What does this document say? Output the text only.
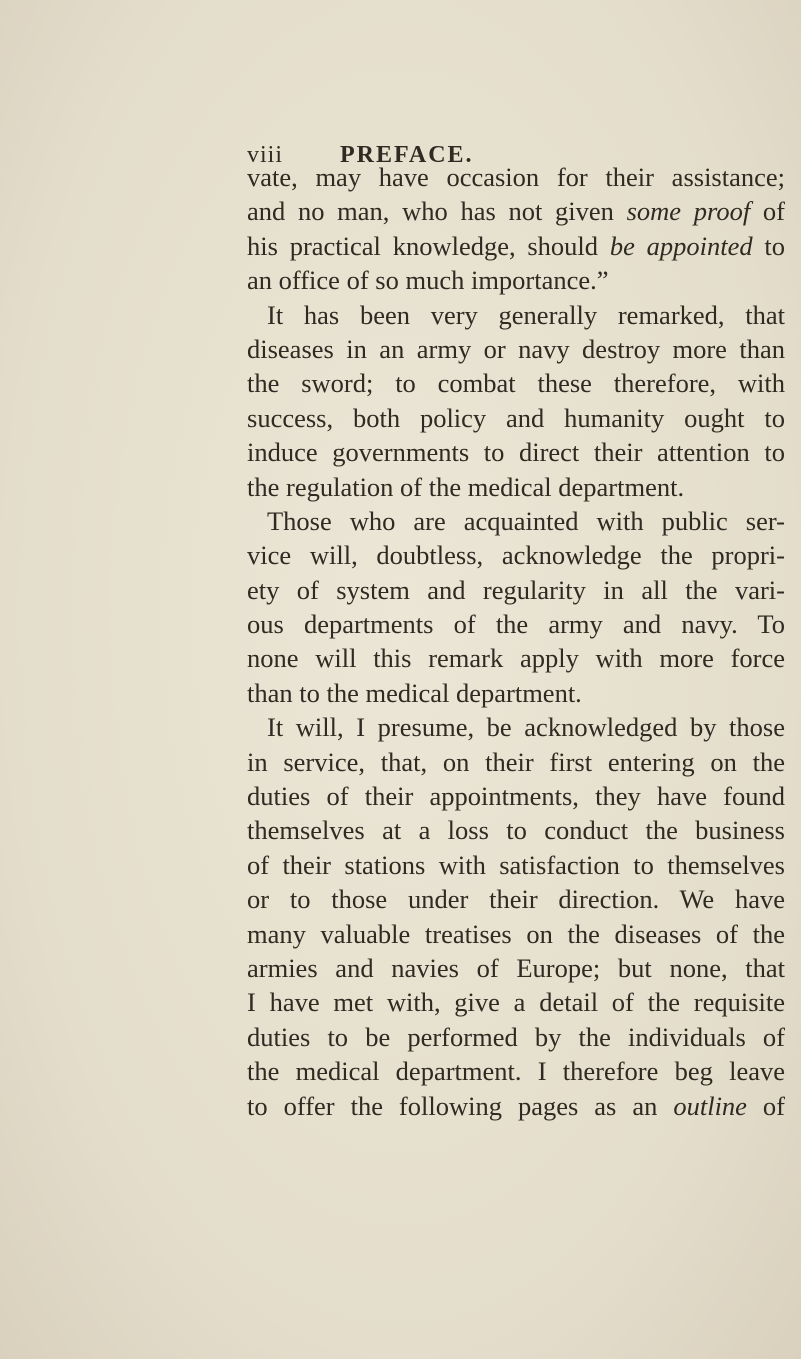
viii PREFACE.
vate, may have occasion for their assistance;
and no man, who has not given some proof of
his practical knowledge, should be appointed to
an office of so much importance.”
It has been very generally remarked, that
diseases in an army or navy destroy more than
the sword; to combat these therefore, with
success, both policy and humanity ought to
induce governments to direct their attention to
the regulation of the medical department.
Those who are acquainted with public ser-
vice will, doubtless, acknowledge the propri-
ety of system and regularity in all the vari-
ous departments of the army and navy. To
none will this remark apply with more force
than to the medical department.
It will, I presume, be acknowledged by those
in service, that, on their first entering on the
duties of their appointments, they have found
themselves at a loss to conduct the business
of their stations with satisfaction to themselves
or to those under their direction. We have
many valuable treatises on the diseases of the
armies and navies of Europe; but none, that
I have met with, give a detail of the requisite
duties to be performed by the individuals of
the medical department. I therefore beg leave
to offer the following pages as an outline of
